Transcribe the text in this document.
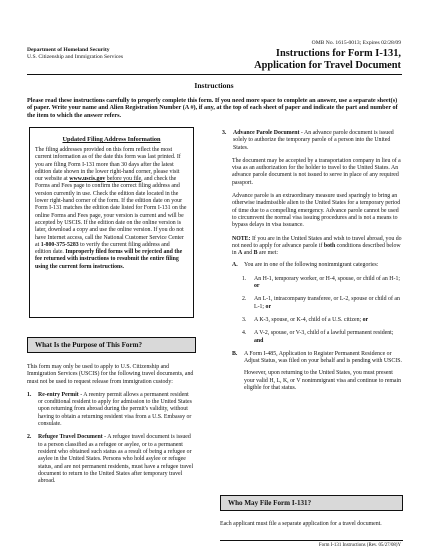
OMB No. 1615-0013; Expires 02/28/09
Department of Homeland Security
U.S. Citizenship and Immigration Services	Instructions for Form I-131,
Application for Travel Document
Instructions
Please read these instructions carefully to properly complete this form. If you need more space to complete an answer, use a separate sheet(s) of paper. Write your name and Alien Registration Number (A #), if any, at the top of each sheet of paper and indicate the part and number of the item to which the answer refers.
Updated Filing Address Information

The filing addresses provided on this form reflect the most current information as of the date this form was last printed. If you are filing Form I-131 more than 30 days after the latest edition date shown in the lower right-hand corner, please visit our website at www.uscis.gov before you file, and check the Forms and Fees page to confirm the correct filing address and version currently in use. Check the edition date located in the lower right-hand corner of the form. If the edition date on your Form I-131 matches the edition date listed for Form I-131 on the online Forms and Fees page, your version is current and will be accepted by USCIS. If the edition date on the online version is later, download a copy and use the online version. If you do not have Internet access, call the National Customer Service Center at 1-800-375-5283 to verify the current filing address and edition date. Improperly filed forms will be rejected and the fee returned with instructions to resubmit the entire filing using the current form instructions.

What Is the Purpose of This Form?

This form may only be used to apply to U.S. Citizenship and Immigration Services (USCIS) for the following travel documents, and must not be used to request release from immigration custody:

1.	Re-entry Permit - A reentry permit allows a permanent resident or conditional resident to apply for admission to the United States upon returning from abroad during the permit's validity, without having to obtain a returning resident visa from a U.S. Embassy or consulate.
2.	Refugee Travel Document - A refugee travel document is issued to a person classified as a refugee or asylee, or to a permanent resident who obtained such status as a result of being a refugee or asylee in the United States. Persons who hold asylee or refugee status, and are not permanent residents, must have a refugee travel document to return to the United States after temporary travel abroad.
3.	Advance Parole Document - An advance parole document is issued solely to authorize the temporary parole of a person into the United States.

The document may be accepted by a transportation company in lieu of a visa as an authorization for the holder to travel to the United States. An advance parole document is not issued to serve in place of any required passport.

Advance parole is an extraordinary measure used sparingly to bring an otherwise inadmissible alien to the United States for a temporary period of time due to a compelling emergency. Advance parole cannot be used to circumvent the normal visa issuing procedures and is not a means to bypass delays in visa issuance.

NOTE: If you are in the United States and wish to travel abroad, you do not need to apply for advance parole if both conditions described below in A and B are met:

A.	You are in one of the following nonimmigrant categories:
1.	An H-1, temporary worker, or H-4, spouse, or child of an H-1; or
2.	An L-1, intracompany transferee, or L-2, spouse or child of an L-1; or
3.	A K-3, spouse, or K-4, child of a U.S. citizen; or
4.	A V-2, spouse, or V-3, child of a lawful permanent resident; and
B.	A Form I-485, Application to Register Permanent Residence or Adjust Status, was filed on your behalf and is pending with USCIS.

However, upon returning to the United States, you must present your valid H, L, K, or V nonimmigrant visa and continue to remain eligible for that status.

Who May File Form I-131?
Each applicant must file a separate application for a travel document.
Form I-131 Instructions (Rev. 05/27/08)Y
